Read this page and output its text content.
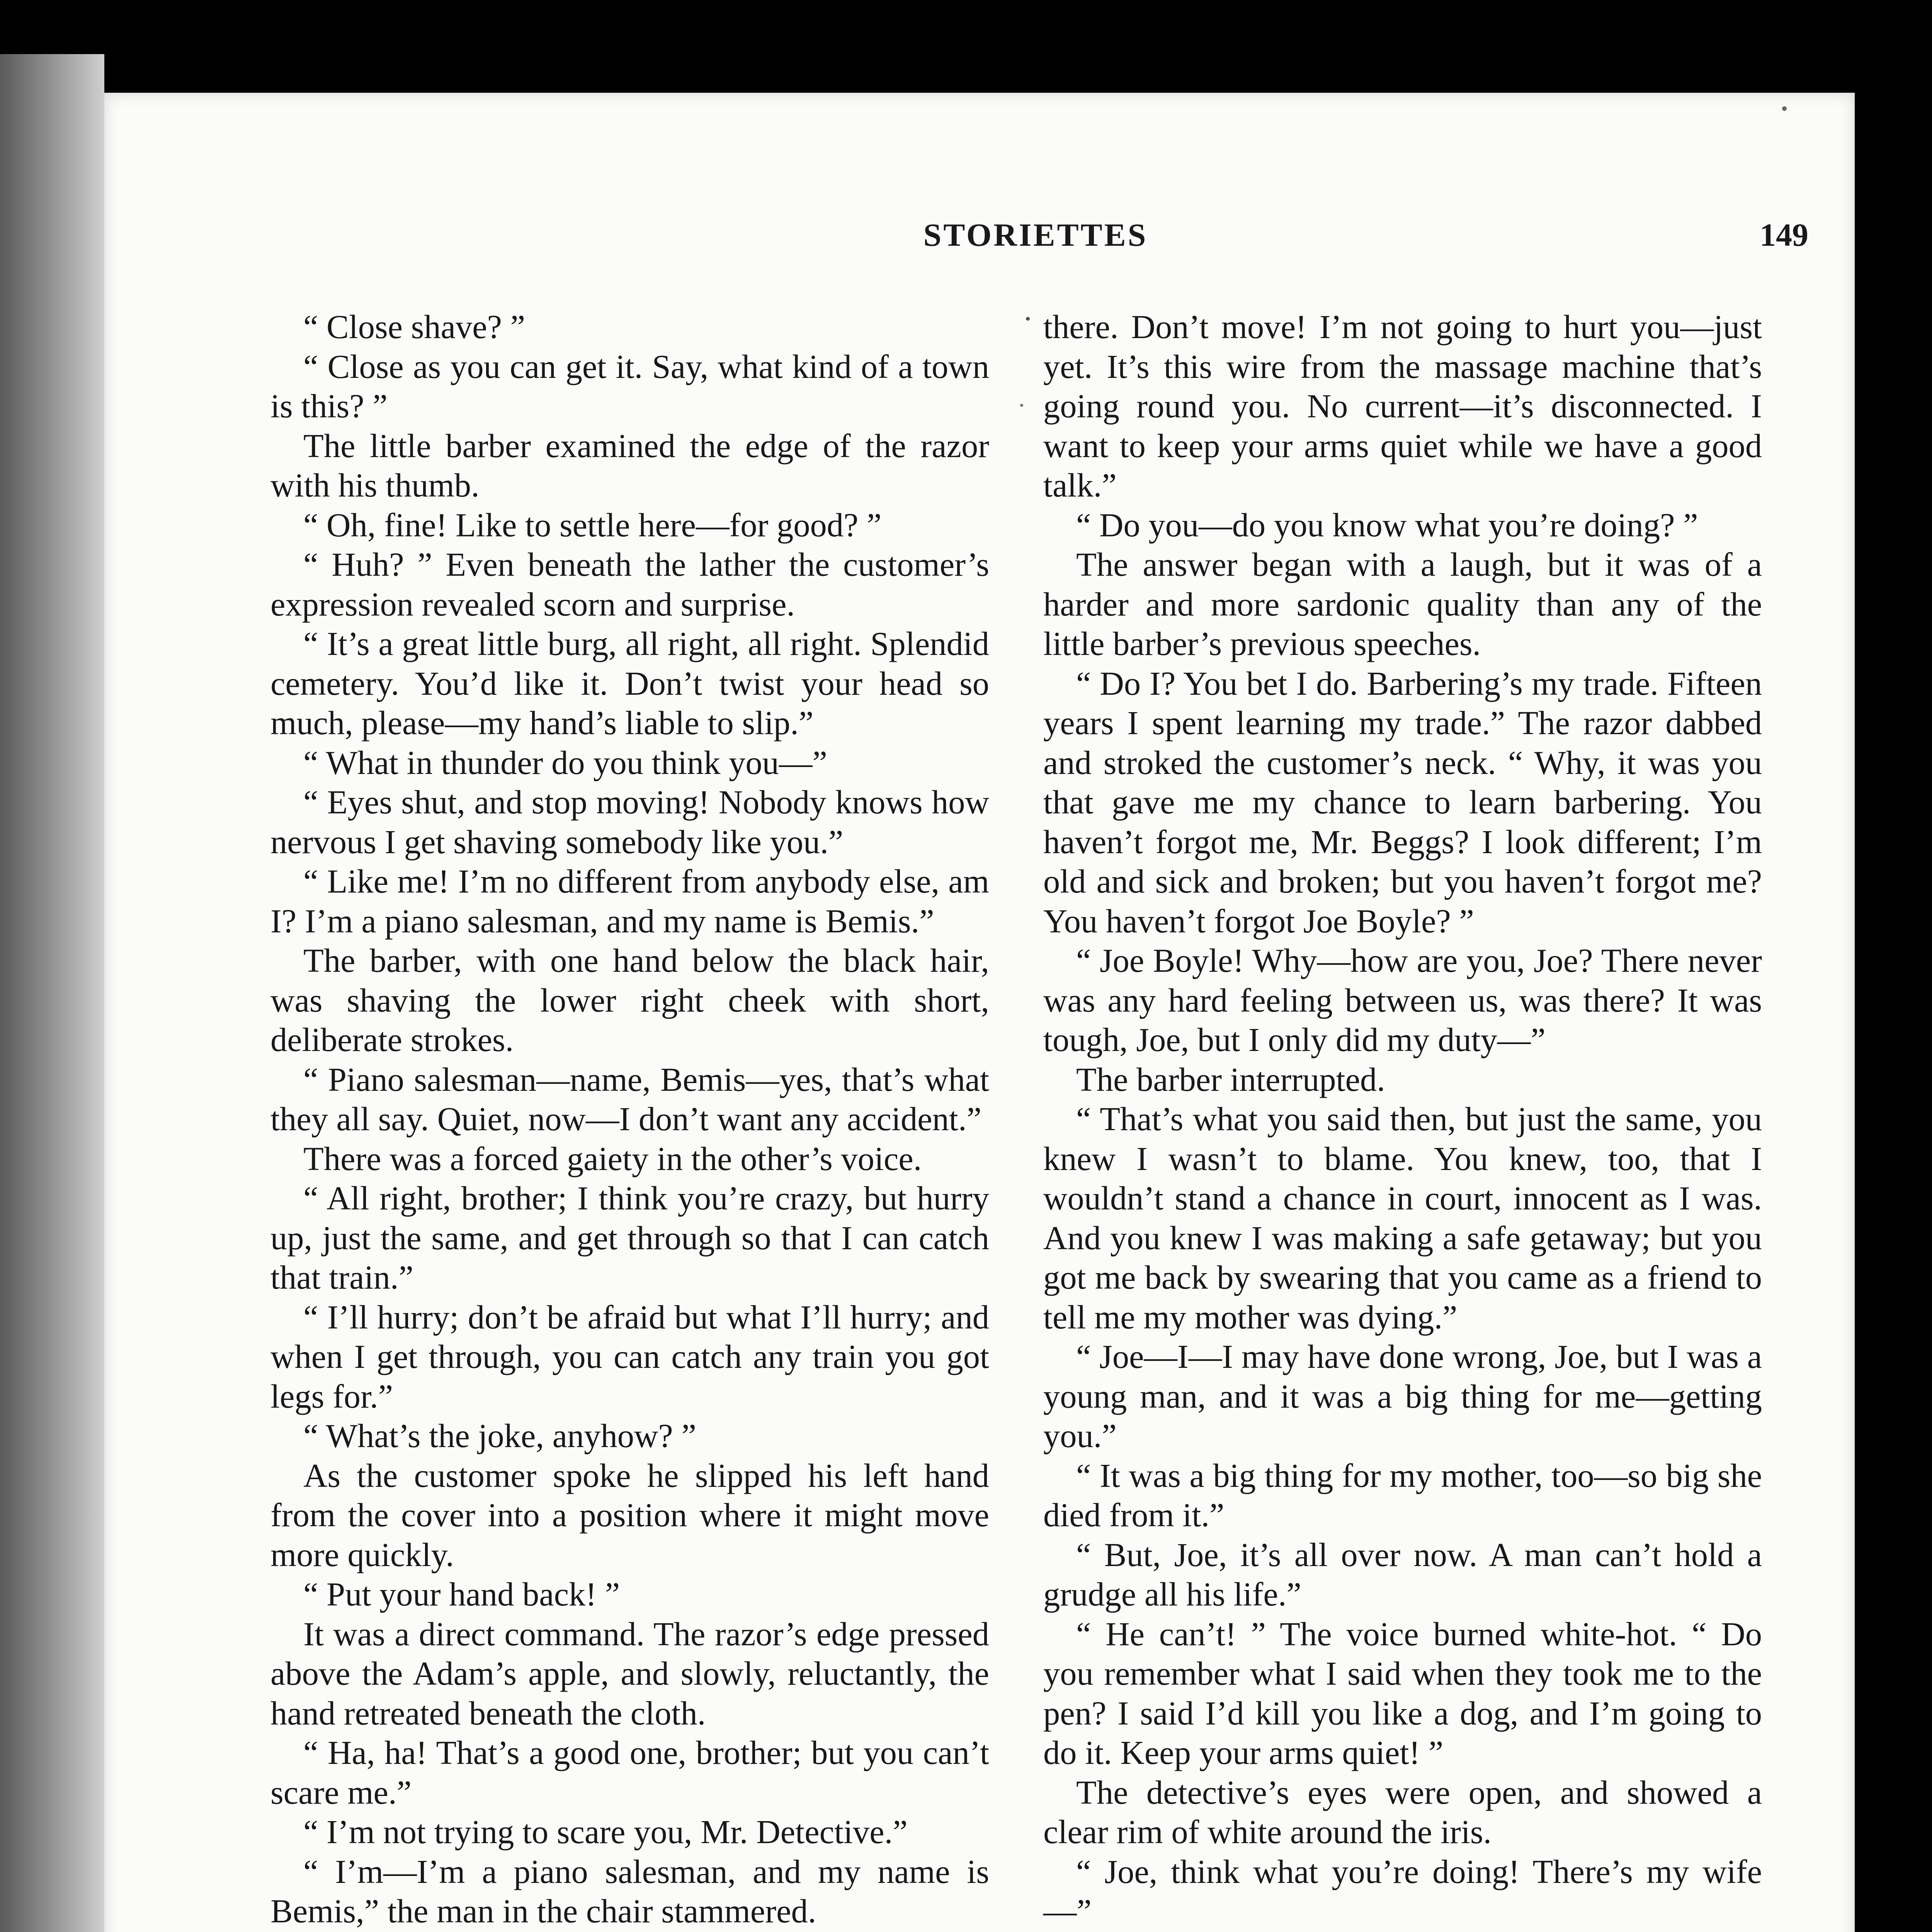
STORIETTES	149

“ Close shave? ”

“ Close as you can get it. Say, what kind of a town is this? ”

The little barber examined the edge of the razor with his thumb.

“ Oh, fine! Like to settle here—for good? ”

“ Huh? ” Even beneath the lather the customer’s expression revealed scorn and surprise.

“ It’s a great little burg, all right, all right. Splendid cemetery. You’d like it. Don’t twist your head so much, please—my hand’s liable to slip.”

“ What in thunder do you think you—”

“ Eyes shut, and stop moving! Nobody knows how nervous I get shaving somebody like you.”

“ Like me! I’m no different from anybody else, am I? I’m a piano salesman, and my name is Bemis.”

The barber, with one hand below the black hair, was shaving the lower right cheek with short, deliberate strokes.

“ Piano salesman—name, Bemis—yes, that’s what they all say. Quiet, now—I don’t want any accident.”

There was a forced gaiety in the other’s voice.

“ All right, brother; I think you’re crazy, but hurry up, just the same, and get through so that I can catch that train.”

“ I’ll hurry; don’t be afraid but what I’ll hurry; and when I get through, you can catch any train you got legs for.”

“ What’s the joke, anyhow? ”

As the customer spoke he slipped his left hand from the cover into a position where it might move more quickly.

“ Put your hand back! ”

It was a direct command. The razor’s edge pressed above the Adam’s apple, and slowly, reluctantly, the hand retreated beneath the cloth.

“ Ha, ha! That’s a good one, brother; but you can’t scare me.”

“ I’m not trying to scare you, Mr. Detective.”

“ I’m—I’m a piano salesman, and my name is Bemis,” the man in the chair stammered.

there. Don’t move! I’m not going to hurt you—just yet. It’s this wire from the massage machine that’s going round you. No current—it’s disconnected. I want to keep your arms quiet while we have a good talk.”

“ Do you—do you know what you’re doing? ”

The answer began with a laugh, but it was of a harder and more sardonic quality than any of the little barber’s previous speeches.

“ Do I? You bet I do. Barbering’s my trade. Fifteen years I spent learning my trade.” The razor dabbed and stroked the customer’s neck. “ Why, it was you that gave me my chance to learn barbering. You haven’t forgot me, Mr. Beggs? I look different; I’m old and sick and broken; but you haven’t forgot me? You haven’t forgot Joe Boyle? ”

“ Joe Boyle! Why—how are you, Joe? There never was any hard feeling between us, was there? It was tough, Joe, but I only did my duty—”

The barber interrupted.

“ That’s what you said then, but just the same, you knew I wasn’t to blame. You knew, too, that I wouldn’t stand a chance in court, innocent as I was. And you knew I was making a safe getaway; but you got me back by swearing that you came as a friend to tell me my mother was dying.”

“ Joe—I—I may have done wrong, Joe, but I was a young man, and it was a big thing for me—getting you.”

“ It was a big thing for my mother, too—so big she died from it.”

“ But, Joe, it’s all over now. A man can’t hold a grudge all his life.”

“ He can’t! ” The voice burned white-hot. “ Do you remember what I said when they took me to the pen? I said I’d kill you like a dog, and I’m going to do it. Keep your arms quiet! ”

The detective’s eyes were open, and showed a clear rim of white around the iris.

“ Joe, think what you’re doing! There’s my wife—”
